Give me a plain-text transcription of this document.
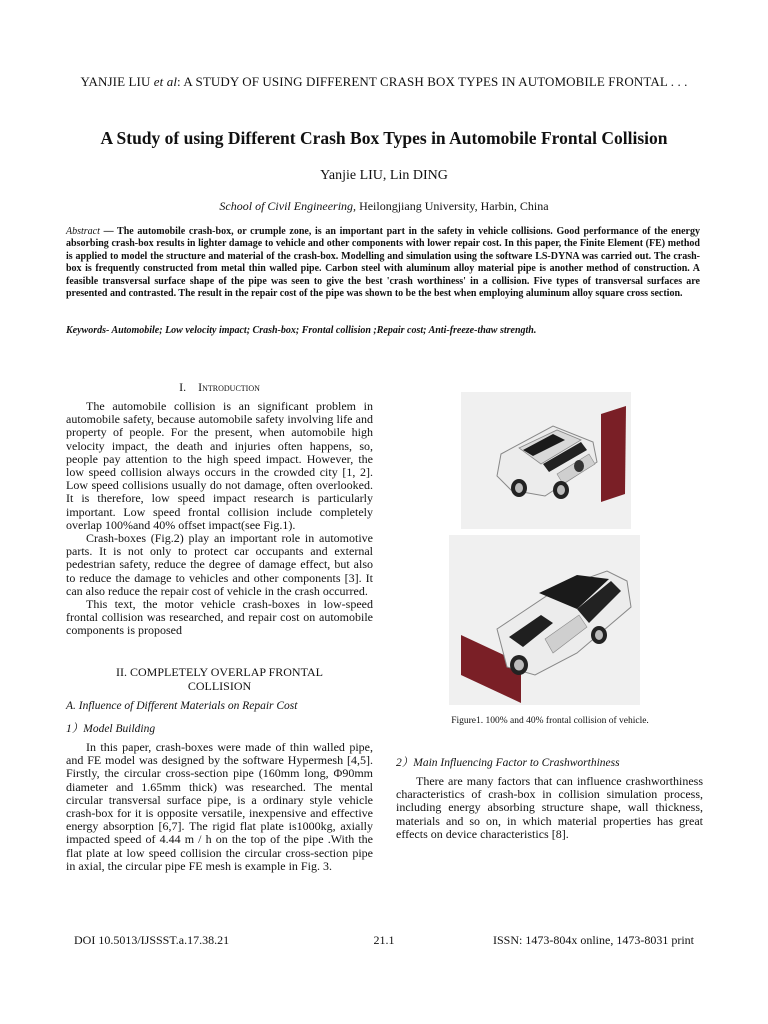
YANJIE LIU et al: A STUDY OF USING DIFFERENT CRASH BOX TYPES IN AUTOMOBILE FRONTAL . . .
A Study of using Different Crash Box Types in Automobile Frontal Collision
Yanjie LIU, Lin DING
School of Civil Engineering, Heilongjiang University, Harbin, China
Abstract — The automobile crash-box, or crumple zone, is an important part in the safety in vehicle collisions. Good performance of the energy absorbing crash-box results in lighter damage to vehicle and other components with lower repair cost. In this paper, the Finite Element (FE) method is applied to model the structure and material of the crash-box. Modelling and simulation using the software LS-DYNA was carried out. The crash-box is frequently constructed from metal thin walled pipe. Carbon steel with aluminum alloy material pipe is another method of construction. A feasible transversal surface shape of the pipe was seen to give the best 'crash worthiness' in a collision. Five types of transversal surfaces are presented and contrasted. The result in the repair cost of the pipe was shown to be the best when employing aluminum alloy square cross section.
Keywords- Automobile; Low velocity impact; Crash-box; Frontal collision ;Repair cost; Anti-freeze-thaw strength.
I. Introduction

The automobile collision is an significant problem in automobile safety, because automobile safety involving life and property of people. For the present, when automobile high velocity impact, the death and injuries often happens, so, people pay attention to the high speed impact. However, the low speed collision always occurs in the crowded city [1, 2]. Low speed collisions usually do not damage, often overlooked. It is therefore, low speed impact research is particularly important. Low speed frontal collision include completely overlap 100%and 40% offset impact(see Fig.1).

Crash-boxes (Fig.2) play an important role in automotive parts. It is not only to protect car occupants and external pedestrian safety, reduce the degree of damage effect, but also to reduce the damage to vehicles and other components [3]. It can also reduce the repair cost of vehicle in the crash occurred.

This text, the motor vehicle crash-boxes in low-speed frontal collision was researched, and repair cost on automobile components is proposed

II. COMPLETELY OVERLAP FRONTAL
COLLISION
A. Influence of Different Materials on Repair Cost
1）Model Building

In this paper, crash-boxes were made of thin walled pipe, and FE model was designed by the software Hypermesh [4,5]. Firstly, the circular cross-section pipe (160mm long, Φ90mm diameter and 1.65mm thick) was researched. The mental circular transversal surface pipe, is a ordinary style vehicle crash-box for it is opposite versatile, inexpensive and effective energy absorption [6,7]. The rigid flat plate is1000kg, axially impacted speed of 4.44 m / h on the top of the pipe .With the flat plate at low speed collision the circular cross-section pipe in axial, the circular pipe FE mesh is example in Fig. 3.

Figure1. 100% and 40% frontal collision of vehicle.
2）Main Influencing Factor to Crashworthiness

There are many factors that can influence crashworthiness characteristics of crash-box in collision simulation process, including energy absorbing structure shape, wall thickness, materials and so on, in which material properties has great effects on device characteristics [8].

DOI 10.5013/IJSSST.a.17.38.21	21.1	ISSN: 1473-804x online, 1473-8031 print
